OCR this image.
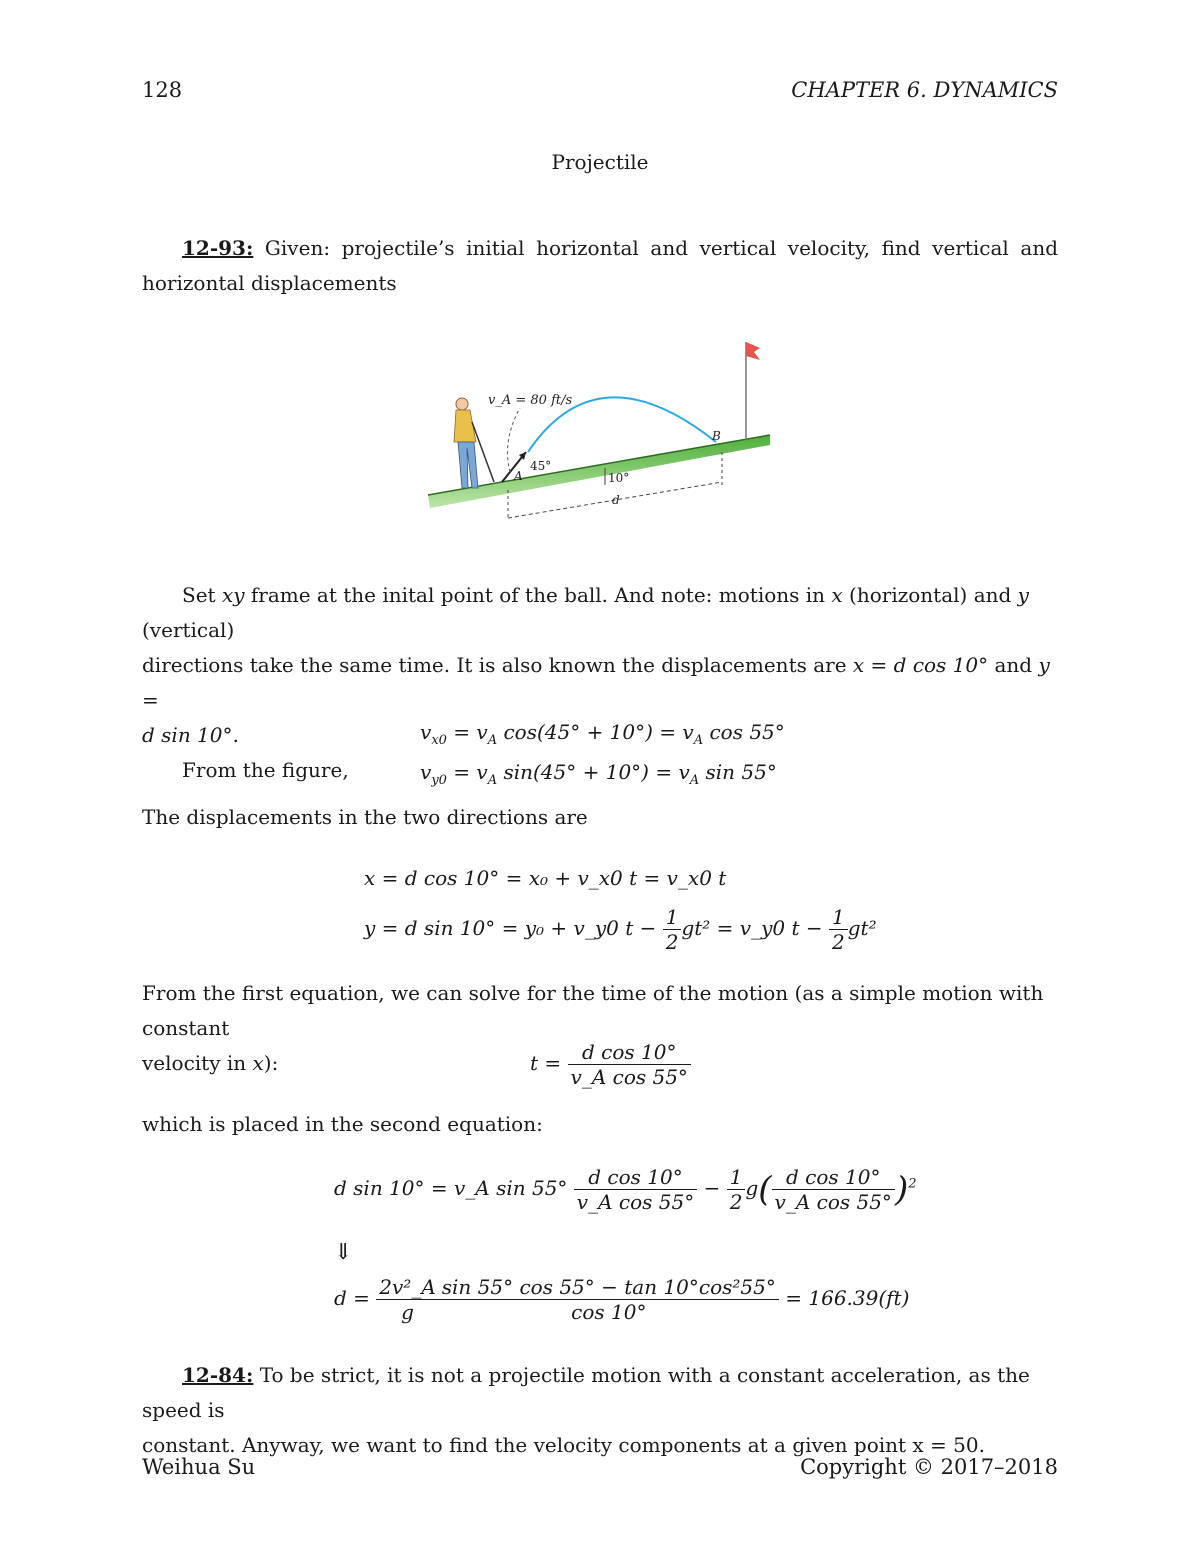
128	CHAPTER 6. DYNAMICS
Projectile
12-93: Given: projectile’s initial horizontal and vertical velocity, find vertical and horizontal displacements
v_A = 80 ft/s
45°
10°
A
B
d
Set xy frame at the inital point of the ball. And note: motions in x (horizontal) and y (vertical)
directions take the same time. It is also known the displacements are x = d cos 10° and y =
d sin 10°.
From the figure,
$v_{x0} = v_A$ $\cos(45^\circ + 10^\circ) = v_A$ cos 55°
$v_{y0} = v_A$ $\sin(45^\circ + 10^\circ) = v_A$ sin 55°
The displacements in the two directions are
x = d cos 10° = x₀ + v_x0 t = v_x0 t
y = d sin 10° = y₀ + v_y0 $t - \frac{1}{2} gt^2$ = v_y0 $t - \frac{1}{2} gt^2$
From the first equation, we can solve for the time of the motion (as a simple motion with constant
velocity in x):	$t = \frac{\text{d cos 10°}}{\text{v\_A cos 55°}}$
which is placed in the second equation:
d sin 10° = v_A $\sin 55^\circ \frac{\text{d cos 10°}}{\text{v\_A cos 55°}} - \frac{1}{2} g( \frac{\text{d cos 10°}}{\text{v\_A cos 55°}} )^2$
⇓
$d = \frac{\text{2v²\_A}}{g} \frac{\text{sin 55° cos 55° − tan 10°cos²55°}}{\cos 10^\circ} = 166.39(ft)$
12-84: To be strict, it is not a projectile motion with a constant acceleration, as the speed is
constant. Anyway, we want to find the velocity components at a given point x = 50.
Weihua Su	Copyright © 2017–2018
